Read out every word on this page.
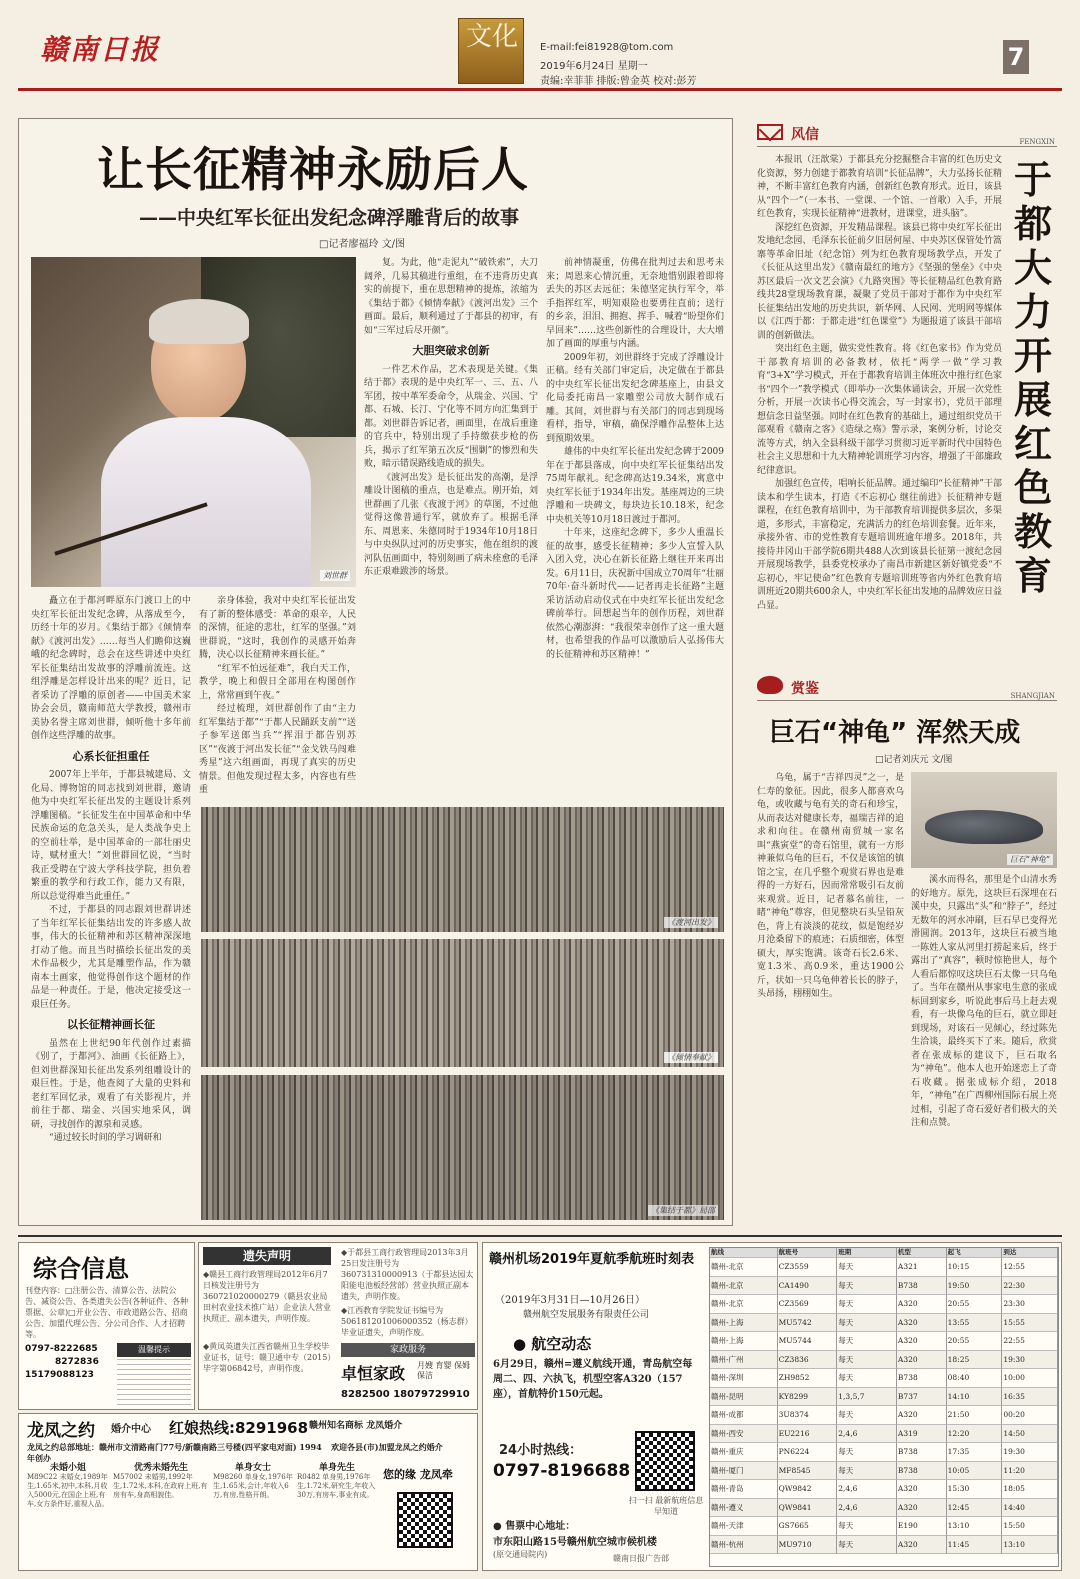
赣南日报	文化	E-mail:fei81928@tom.com
2019年6月24日 星期一
责编:幸菲菲 排版:曾金英 校对:彭芳
7
让长征精神永励后人
——中央红军长征出发纪念碑浮雕背后的故事
□记者廖福玲 文/图
刘世群

矗立在于都河畔原东门渡口上的中央红军长征出发纪念碑，从落成至今，历经十年的岁月。《集结于都》《倾情奉献》《渡河出发》……每当人们瞻仰这巍峨的纪念碑时，总会在这些讲述中央红军长征集结出发故事的浮雕前流连。这组浮雕是怎样设计出来的呢？近日，记者采访了浮雕的原创者——中国美术家协会会员，赣南师范大学教授，赣州市美协名誉主席刘世群，倾听他十多年前创作这些浮雕的故事。

心系长征担重任

2007年上半年，于都县城建局、文化局、博物馆的同志找到刘世群，邀请他为中央红军长征出发的主题设计系列浮雕图稿。“长征发生在中国革命和中华民族命运的危急关头，是人类战争史上的空前壮举，是中国革命的一部壮丽史诗，赋材重大！”刘世群回忆说，“当时我正受聘在宁波大学科技学院，担负着繁重的教学和行政工作，能力又有限，所以总觉得难当此重任。”

不过，于都县的同志跟刘世群讲述了当年红军长征集结出发的许多感人故事，伟大的长征精神和苏区精神深深地打动了他。而且当时描绘长征出发的美术作品极少，尤其是雕塑作品，作为赣南本土画家，他觉得创作这个题材的作品是一种责任。于是，他决定接受这一艰巨任务。

以长征精神画长征

虽然在上世纪90年代创作过素描《别了，于都河》、油画《长征路上》，但刘世群深知长征出发系列组雕设计的艰巨性。于是，他查阅了大量的史料和老红军回忆录，观看了有关影视片，并前往于都、瑞金、兴国实地采风，调研，寻找创作的源泉和灵感。

“通过较长时间的学习调研和

亲身体验，我对中央红军长征出发有了新的整体感受：革命的艰辛，人民的深情，征途的悲壮，红军的坚强。”刘世群说，“这时，我创作的灵感开始奔腾，决心以长征精神来画长征。”

“红军不怕远征难”，我白天工作，教学，晚上和假日全部用在构图创作上，常常画到午夜。”

经过梳理，刘世群创作了由“主力红军集结于都”“于都人民踊跃支前”“送子参军送郎当兵”“挥泪于都告别苏区”“夜渡于河出发长征”“金戈铁马闯难秀星”这六组画面，再现了真实的历史情景。但他发现过程太多，内容也有些重

复。为此，他“走泥丸”“破铁索”，大刀阔斧，几易其稿进行重组，在不违背历史真实的前提下，重在思想精神的提炼，浓缩为《集结于都》《倾情奉献》《渡河出发》三个画面。最后，顺利通过了于都县的初审，有如“三军过后尽开颜”。

大胆突破求创新

一件艺术作品，艺术表现是关键。《集结于都》表现的是中央红军一、三、五、八军团，按中革军委命令，从瑞金、兴国、宁都、石城、长汀、宁化等不同方向汇集到于都。刘世群告诉记者，画面里，在战后重逢的官兵中，特别出现了手持缴获步枪的伤兵，揭示了红军第五次反“围剿”的惨烈和失败，暗示错误路线造成的损失。

《渡河出发》是长征出发的高潮，是浮雕设计图稿的重点，也是难点。刚开始，刘世群画了几张《夜渡于河》的草图，不过他觉得这像普通行军，就放弃了。根据毛泽东、周恩来、朱德同时于1934年10月18日与中央纵队过河的历史事实，他在组织的渡河队伍画面中，特别刻画了病未痊愈的毛泽东正艰难跋涉的场景。

前神情凝重，仿佛在批判过去和思考未来；周恩来心情沉重，无奈地惜别跟着即将丢失的苏区去远征；朱德坚定执行军令，举手指挥红军，明知艰险也要勇往直前；送行的乡亲，泪泪、拥抱、挥手、喊着“盼望你们早回来”……这些创新性的合理设计，大大增加了画面的厚重与内涵。

2009年初，刘世群终于完成了浮雕设计正稿。经有关部门审定后，决定做在于都县的中央红军长征出发纪念碑基座上，由县文化局委托南昌一家雕塑公司放大制作成石雕。其间，刘世群与有关部门的同志到现场看样，指导，审稿，确保浮雕作品整体上达到预期效果。

雄伟的中央红军长征出发纪念碑于2009年在于都县落成，向中央红军长征集结出发75周年献礼。纪念碑高达19.34米，寓意中央红军长征于1934年出发。基座周边的三块浮雕和一块碑文，每块边长10.18米，纪念中央机关等10月18日渡过于都河。

十年来，这座纪念碑下，多少人重温长征的故事，感受长征精神；多少人宣誓入队入团入党，决心在新长征路上继往开来再出发。6月11日，庆祝新中国成立70周年“壮丽70年·奋斗新时代——记者再走长征路”主题采访活动启动仪式在中央红军长征出发纪念碑前举行。回想起当年的创作历程，刘世群依然心潮澎湃：“我很荣幸创作了这一重大题材，也希望我的作品可以激励后人弘扬伟大的长征精神和苏区精神！”

《渡河出发》
《倾情奉献》
《集结于都》局部
风信	FENGXIN

本报讯（汪歆棠）于都县充分挖掘整合丰富的红色历史文化资源，努力创建于都教育培训“长征品牌”，大力弘扬长征精神，不断丰富红色教育内涵，创新红色教育形式。近日，该县从“四个一”（一本书、一堂课、一个馆、一首歌）入手，开展红色教育，实现长征精神“进教材，进课堂，进头脑”。

深挖红色资源，开发精品课程。该县已将中央红军长征出发地纪念园、毛泽东长征前夕旧居何屋、中央苏区保管处竹篙寨等革命旧址（纪念馆）列为红色教育现场教学点，开发了《长征从这里出发》《赣南最红的地方》《坚强的堡垒》《中央苏区最后一次文艺会演》《九路突围》等长征精品红色教育路线共28堂现场教育课，凝聚了党员干部对于都作为中央红军长征集结出发地的历史共识，新华网、人民网、光明网等媒体以《江西于都：于都走进“红色课堂”》为题报道了该县干部培训的创新做法。

突出红色主题，做实党性教育。将《红色家书》作为党员干部教育培训的必备教材，依托“两学一做”学习教育“3+X”学习模式，开在于都教育培训主体班次中推行红色家书“四个一”教学模式（即举办一次集体诵读会，开展一次党性分析，开展一次读书心得交流会，写一封家书），党员干部理想信念日益坚强。同时在红色教育的基础上，通过组织党员干部观看《赣南之客》《造绿之殇》警示录，案例分析，讨论交流等方式，纳入全县科级干部学习贯彻习近平新时代中国特色社会主义思想和十九大精神轮训班学习内容，增强了干部廉政纪律意识。

加强红色宣传，唱响长征品牌。通过编印“长征精神”干部读本和学生读本，打造《不忘初心 继往前进》长征精神专题课程，在红色教育培训中，为干部教育培训提供多层次，多渠道，多形式，丰富稳定，充满活力的红色培训套餐。近年来，承接外省、市的党性教育专题培训班逾年增多。2018年，共接待井冈山干部学院6期共488人次到该县长征第一渡纪念园开展现场教学，县委党校承办了南昌市新建区新好镇党委“不忘初心，牢记使命”红色教育专题培训班等省内外红色教育培训班近20期共600余人，中央红军长征出发地的品牌效应日益凸显。

于都大力开展红色教育
赏鉴	SHANGJIAN
巨石“神龟” 浑然天成
□记者刘庆元 文/图
巨石“神龟”

乌龟，属于“吉祥四灵”之一，是仁寿的象征。因此，很多人都喜欢乌龟，或收藏与龟有关的奇石和珍宝，从而表达对健康长寿，福瑞吉祥的追求和向往。在赣州南贸城一家名叫“燕寅堂”的奇石馆里，就有一方形神兼似乌龟的巨石，不仅是该馆的镇馆之宝，在几乎整个观赏石界也是难得的一方好石，因而常常吸引石友前来观赏。近日，记者慕名前往，一睹“神龟”尊容，但见整块石头呈铅灰色，背上有淡淡的花纹，似是饱经岁月沧桑留下的痕迹；石质细密，体型硕大，厚实饱满。该奇石长2.6米、宽1.3米、高0.9米，重达1900公斤，状如一只乌龟伸着长长的脖子，头昂扬，栩栩如生。

溪水而得名，那里是个山清水秀的好地方。原先，这块巨石深埋在石溪中央，只露出“头”和“脖子”，经过无数年的河水冲刷，巨石早已变得光滑圆润。2013年，这块巨石被当地一陈姓人家从河里打捞起来后，终于露出了“真容”，顿时惊艳世人，每个人看后都惊叹这块巨石太像一只乌龟了。当年在赣州从事家电生意的张成标回到家乡，听说此事后马上赶去观看，有一块像乌龟的巨石，就立即赶到现场，对该石一见倾心，经过陈先生洽谈，最终买下了来。随后，欣赏者在张成标的建议下，巨石取名为“神龟”。他本人也开始迷恋上了奇石收藏。据张成标介绍，2018年，“神龟”在广西柳州国际石展上亮过相，引起了奇石爱好者们极大的关注和点赞。

综合信息
刊登内容：□注册公告、清算公告、法院公告、减资公告、各类遗失公告(各种证件、各种票据、公章)□开业公告、市政道路公告、招商公告、加盟代理公告、分公司合作、人才招聘等。
0797-8222685
8272836
15179088123
温馨提示
遗失声明
◆赣县工商行政管理局2012年6月7日核发注册号为360721020000279（赣县农业局田村农业技术推广站）企业法人营业执照正、副本遗失，声明作废。
◆黄凤英遗失江西省赣州卫生学校毕业证书，证号：赣卫通中专（2015）毕字第06842号，声明作废。
◆于都县工商行政管理局2013年3月25日发注册号为360731310000913（于都县达园太阳能电池板经营部）营业执照正副本遗失，声明作废。
◆江西教育学院发证书编号为506181201006000352（杨志群）毕业证遗失，声明作废。
家政服务
卓恒家政 月嫂 育婴 保姆 保洁
8282500 18079729910
龙凤之约 婚介中心 红娘热线:8291968 赣州知名商标 龙凤婚介
龙凤之约总部地址：赣州市文清路南门77号/新赣南路三号楼(四平家电对面) 1994年创办
欢迎各县(市)加盟龙凤之约婚介
未婚小姐
M89C22 未婚女,1989年生,1.65米,初中,本科,月收入5000元,在国企上班,有车,女方条件好,重视人品。
优秀未婚先生
M57002 未婚男,1992年生,1.72米,本科,在政府上班,有房有车,身高相貌佳。
单身女士
M98260 单身女,1976年生,1.65米,会计,年收入6万,有房,性格开朗。
单身先生
R0482 单身男,1976年生,1.72米,研究生,年收入30万,有房车,事业有成。
您的缘 龙凤牵
赣州机场2019年夏航季航班时刻表
（2019年3月31日—10月26日）
赣州航空发展服务有限责任公司
● 航空动态
6月29日，赣州=遵义航线开通，青岛航空每周二、四、六执飞，机型空客A320（157座），首航特价150元起。
24小时热线：
0797-8196688
扫一扫 最新航班信息早知道
● 售票中心地址：
市东阳山路15号赣州航空城市候机楼
(原交通局院内)	赣南日报广告部
航线	航班号	班期	机型	起飞	到达
赣州-北京	CZ3559	每天	A321	10:15	12:55
赣州-北京	CA1490	每天	B738	19:50	22:30
赣州-北京	CZ3569	每天	A320	20:55	23:30
赣州-上海	MU5742	每天	A320	13:55	15:55
赣州-上海	MU5744	每天	A320	20:55	22:55
赣州-广州	CZ3836	每天	A320	18:25	19:30
赣州-深圳	ZH9852	每天	B738	08:40	10:00
赣州-昆明	KY8299	1,3,5,7	B737	14:10	16:35
赣州-成都	3U8374	每天	A320	21:50	00:20
赣州-西安	EU2216	2,4,6	A319	12:20	14:50
赣州-重庆	PN6224	每天	B738	17:35	19:30
赣州-厦门	MF8545	每天	B738	10:05	11:20
赣州-青岛	QW9842	2,4,6	A320	15:30	18:05
赣州-遵义	QW9841	2,4,6	A320	12:45	14:40
赣州-天津	GS7665	每天	E190	13:10	15:50
赣州-杭州	MU9710	每天	A320	11:45	13:10
